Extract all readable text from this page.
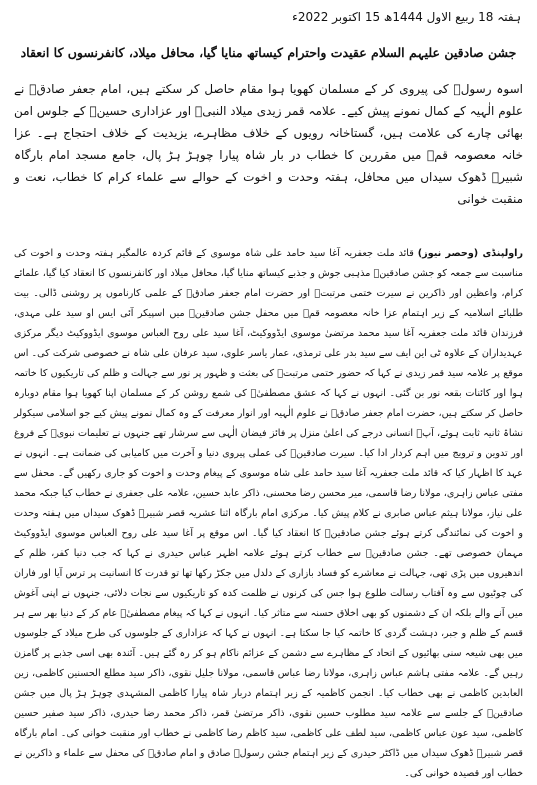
ہفتہ 18 ربیع الاول 1444ھ 15 اکتوبر 2022ء
جشن صادقین علیہم السلام عقیدت واحترام کیساتھ منایا گیا، محافل میلاد، کانفرنسوں کا انعقاد

اسوہ رسولؐ کی پیروی کر کے مسلمان کھویا ہوا مقام حاصل کر سکتے ہیں، امام جعفر صادقؑ نے علوم الٰہیہ کے کمال نمونے پیش کیے۔ علامہ قمر زیدی میلاد النبیؐ اور عزاداری حسینؑ کے جلوس امن بھائی چارے کی علامت ہیں، گستاخانہ رویوں کے خلاف مظاہرے، یزیدیت کے خلاف احتجاج ہے۔ عزا خانہ معصومہ قمؑ میں مقررین کا خطاب در بار شاہ پیارا چوہڑ ہڑ پال، جامع مسجد امام بارگاہ شبیرؑ ڈھوک سیداں میں محافل، ہفتہ وحدت و اخوت کے حوالے سے علماء کرام کا خطاب، نعت و منقبت خوانی

راولپنڈی (وحصر نیوز) قائد ملت جعفریہ آغا سید حامد علی شاہ موسوی کے قائم کردہ عالمگیر ہفتہ وحدت و اخوت کی مناسبت سے جمعہ کو جشن صادقینؑ مذہبی جوش و جذبے کیساتھ منایا گیا، محافل میلاد اور کانفرنسوں کا انعقاد کیا گیا، علمائے کرام، واعظین اور ذاکرین نے سیرت ختمی مرتبتؐ اور حضرت امام جعفر صادقؑ کے علمی کارناموں پر روشنی ڈالی۔ بیت طلبائے اسلامیہ کے زیر اہتمام عزا خانہ معصومہ قمؑ میں محفل جشن صادقینؑ میں اسپیکر آئی ایس او سید علی مہدی، فرزندان قائد ملت جعفریہ آغا سید محمد مرتضیٰ موسوی ایڈووکیٹ، آغا سید علی روح العباس موسوی ایڈووکیٹ دیگر مرکزی عہدیداران کے علاوہ ٹی این ایف سے سید بدر علی ترمذی، عمار یاسر علوی، سید عرفان علی شاہ نے خصوصی شرکت کی۔ اس موقع پر علامہ سید قمر زیدی نے کہا کہ حضور ختمی مرتبتؐ کی بعثت و ظہور پر نور سے جہالت و ظلم کی تاریکیوں کا خاتمہ ہوا اور کائنات بقعہ نور بن گئی۔ انہوں نے کہا کہ عشق مصطفیٰؐ کی شمع روشن کر کے مسلمان اپنا کھویا ہوا مقام دوبارہ حاصل کر سکتے ہیں، حضرت امام جعفر صادقؑ نے علوم الٰہیہ اور انوار معرفت کے وہ کمال نمونے پیش کیے جو اسلامی سیکولر نشاۃ ثانیہ ثابت ہوئے، آپؑ انسانی درجے کی اعلیٰ منزل پر فائز فیضان الٰہی سے سرشار تھے جنہوں نے تعلیمات نبویؐ کے فروغ اور تدوین و ترویج میں اہم کردار ادا کیا۔ سیرت صادقینؑ کی عملی پیروی دنیا و آخرت میں کامیابی کی ضمانت ہے۔ انہوں نے عہد کا اظہار کیا کہ قائد ملت جعفریہ آغا سید حامد علی شاہ موسوی کے پیغام وحدت و اخوت کو جاری رکھیں گے۔ محفل سے مفتی عباس زاہری، مولانا رضا قاسمی، میر محسن رضا محسنی، ذاکر عابد حسین، علامہ علی جعفری نے خطاب کیا جبکہ محمد علی نیاز، مولانا ہیثم عباس صابری نے کلام پیش کیا۔ مرکزی امام بارگاہ اثنا عشریہ قصر شبیرؑ ڈھوک سیداں میں ہفتہ وحدت و اخوت کی نمائندگی کرتے ہوئے جشن صادقینؑ کا انعقاد کیا گیا۔ اس موقع پر آغا سید علی روح العباس موسوی ایڈووکیٹ مہمان خصوصی تھے۔ جشن صادقینؑ سے خطاب کرتے ہوئے علامہ اظہر عباس حیدری نے کہا کہ جب دنیا کفر، ظلم کے اندھیروں میں پڑی تھی، جہالت نے معاشرے کو فساد بازاری کے دلدل میں جکڑ رکھا تھا تو قدرت کا انسانیت پر ترس آیا اور فاران کی چوٹیوں سے وہ آفتاب رسالت طلوع ہوا جس کی کرنوں نے ظلمت کدہ کو تاریکیوں سے نجات دلائی، جنہوں نے اپنی آغوش میں آنے والے بلکہ ان کے دشمنوں کو بھی اخلاق حسنہ سے متاثر کیا۔ انہوں نے کہا کہ پیغام مصطفیٰؐ عام کر کے دنیا بھر سے ہر قسم کے ظلم و جبر، دہشت گردی کا خاتمہ کیا جا سکتا ہے۔ انہوں نے کہا کہ عزاداری کے جلوسوں کی طرح میلاد کے جلوسوں میں بھی شیعہ سنی بھائیوں کے اتحاد کے مظاہرے سے دشمن کے عزائم ناکام ہو کر رہ گئے ہیں۔ آئندہ بھی اسی جذبے پر گامزن رہیں گے۔ علامہ مفتی ہاشم عباس زاہری، مولانا رضا عباس قاسمی، مولانا جلیل نقوی، ذاکر سید مطلع الحسنین کاظمی، زین العابدین کاظمی نے بھی خطاب کیا۔ انجمن کاظمیہ کے زیر اہتمام دربار شاہ پیارا کاظمی المشہدی چوہڑ ہڑ پال میں جشن صادقینؑ کے جلسے سے علامہ سید مطلوب حسین نقوی، ذاکر مرتضیٰ قمر، ذاکر محمد رضا حیدری، ذاکر سید صفیر حسین کاظمی، سید عون عباس کاظمی، سید لطف علی کاظمی، سید کاظم رضا کاظمی نے خطاب اور منقبت خوانی کی۔ امام بارگاہ قصر شبیرؑ ڈھوک سیداں میں ڈاکٹر حیدری کے زیر اہتمام جشن رسولؐ صادق و امام صادقؑ کی محفل سے علماء و ذاکرین نے خطاب اور قصیدہ خوانی کی۔
